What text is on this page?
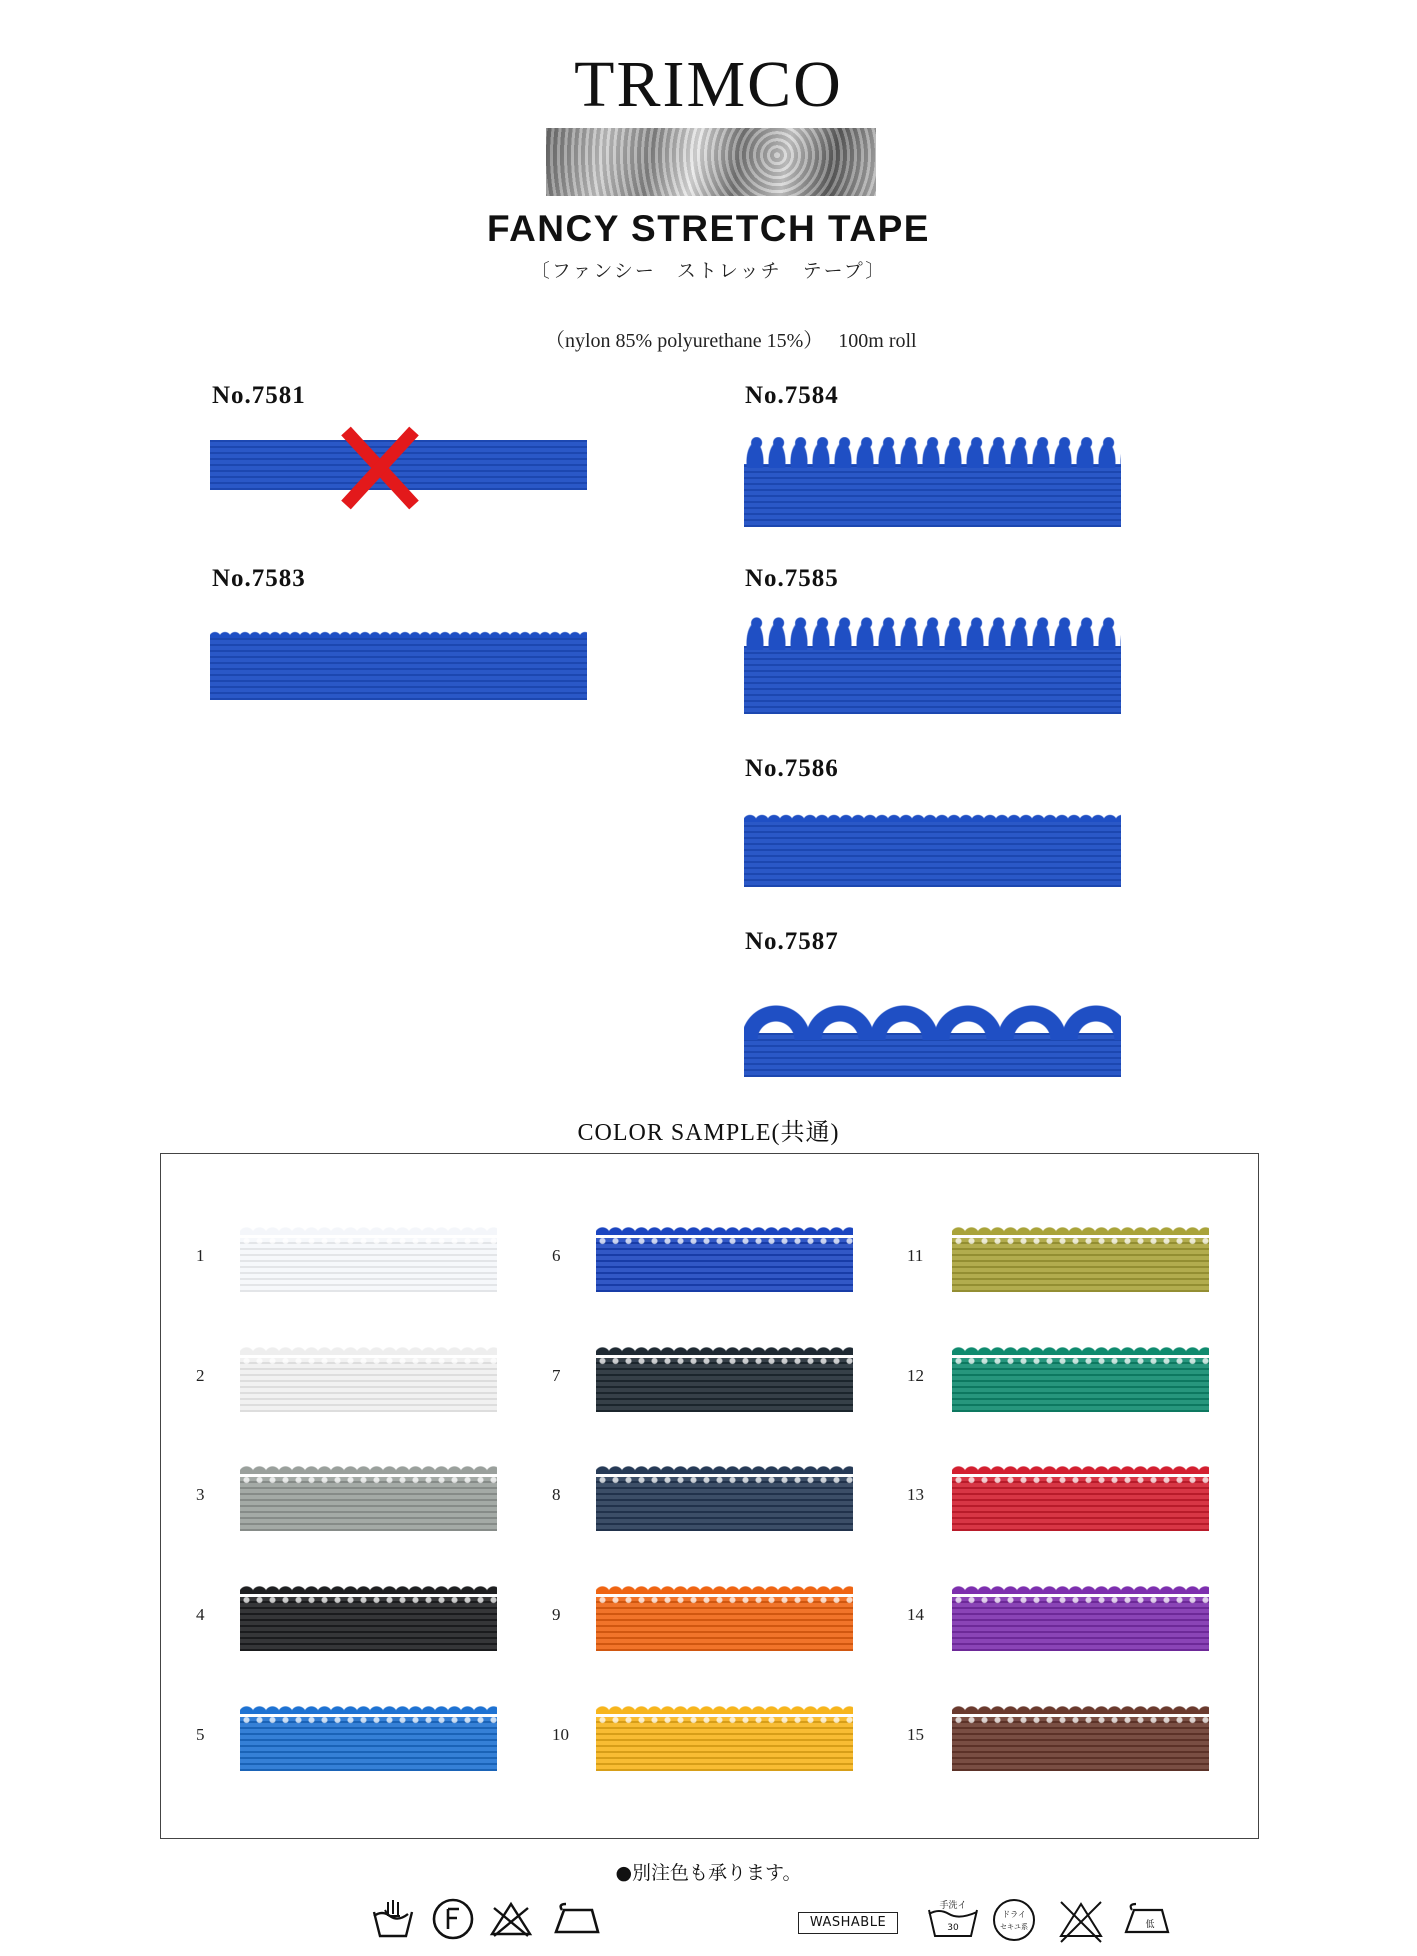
TRIMCO
FANCY STRETCH TAPE
〔ファンシー　ストレッチ　テープ〕
（nylon 85% polyurethane 15%）　 100m roll
No.7581
No.7583
No.7584
No.7585
No.7586
No.7587
COLOR SAMPLE(共通)
1
2
3
4
5
6
7
8
9
10
11
12
13
14
15
●別注色も承ります。
WASHABLE
手洗イ
30
ドライ
セキユ系	低
